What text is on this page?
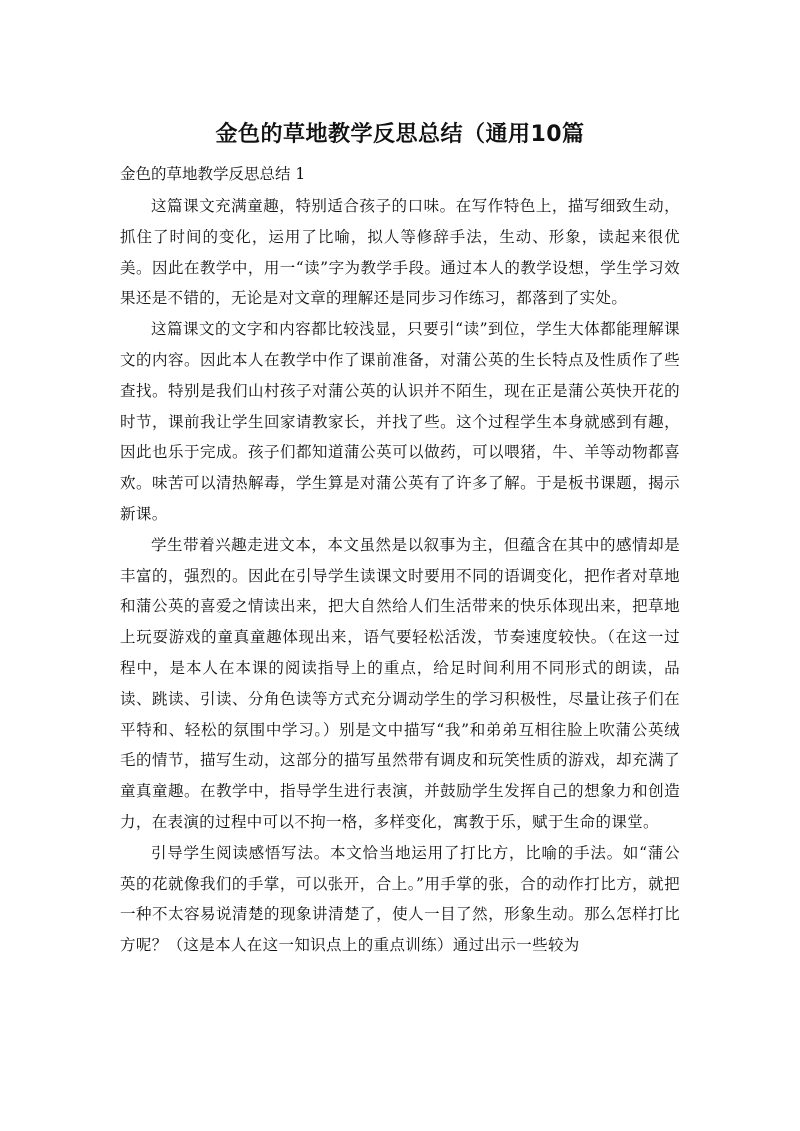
金色的草地教学反思总结（通用10篇

金色的草地教学反思总结 1

这篇课文充满童趣，特别适合孩子的口味。在写作特色上，描写细致生动，抓住了时间的变化，运用了比喻，拟人等修辞手法，生动、形象，读起来很优美。因此在教学中，用一“读”字为教学手段。通过本人的教学设想，学生学习效果还是不错的，无论是对文章的理解还是同步习作练习，都落到了实处。

这篇课文的文字和内容都比较浅显，只要引“读”到位，学生大体都能理解课文的内容。因此本人在教学中作了课前准备，对蒲公英的生长特点及性质作了些查找。特别是我们山村孩子对蒲公英的认识并不陌生，现在正是蒲公英快开花的时节，课前我让学生回家请教家长，并找了些。这个过程学生本身就感到有趣，因此也乐于完成。孩子们都知道蒲公英可以做药，可以喂猪，牛、羊等动物都喜欢。味苦可以清热解毒，学生算是对蒲公英有了许多了解。于是板书课题，揭示新课。

学生带着兴趣走进文本，本文虽然是以叙事为主，但蕴含在其中的感情却是丰富的，强烈的。因此在引导学生读课文时要用不同的语调变化，把作者对草地和蒲公英的喜爱之情读出来，把大自然给人们生活带来的快乐体现出来，把草地上玩耍游戏的童真童趣体现出来，语气要轻松活泼，节奏速度较快。（在这一过程中，是本人在本课的阅读指导上的重点，给足时间利用不同形式的朗读，品读、跳读、引读、分角色读等方式充分调动学生的学习积极性，尽量让孩子们在平特和、轻松的氛围中学习。）别是文中描写“我”和弟弟互相往脸上吹蒲公英绒毛的情节，描写生动，这部分的描写虽然带有调皮和玩笑性质的游戏，却充满了童真童趣。在教学中，指导学生进行表演，并鼓励学生发挥自己的想象力和创造力，在表演的过程中可以不拘一格，多样变化，寓教于乐，赋于生命的课堂。

引导学生阅读感悟写法。本文恰当地运用了打比方，比喻的手法。如“蒲公英的花就像我们的手掌，可以张开，合上。”用手掌的张，合的动作打比方，就把一种不太容易说清楚的现象讲清楚了，使人一目了然，形象生动。那么怎样打比方呢？（这是本人在这一知识点上的重点训练）通过出示一些较为
